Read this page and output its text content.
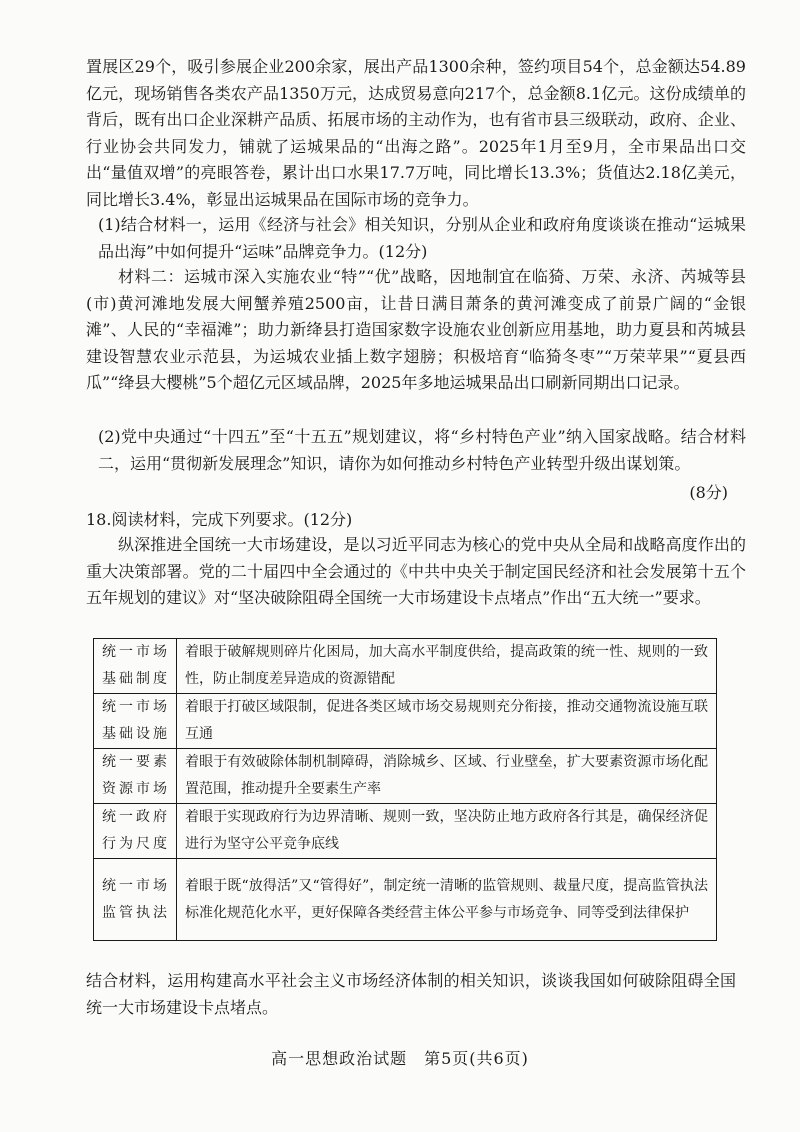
置展区29个，吸引参展企业200余家，展出产品1300余种，签约项目54个，总金额达54.89亿元，现场销售各类农产品1350万元，达成贸易意向217个，总金额8.1亿元。这份成绩单的背后，既有出口企业深耕产品质、拓展市场的主动作为，也有省市县三级联动，政府、企业、行业协会共同发力，铺就了运城果品的“出海之路”。2025年1月至9月，全市果品出口交出“量值双增”的亮眼答卷，累计出口水果17.7万吨，同比增长13.3%；货值达2.18亿美元，同比增长3.4%，彰显出运城果品在国际市场的竞争力。

(1)结合材料一，运用《经济与社会》相关知识，分别从企业和政府角度谈谈在推动“运城果品出海”中如何提升“运味”品牌竞争力。(12分)

材料二：运城市深入实施农业“特”“优”战略，因地制宜在临猗、万荣、永济、芮城等县(市)黄河滩地发展大闸蟹养殖2500亩，让昔日满目萧条的黄河滩变成了前景广阔的“金银滩”、人民的“幸福滩”；助力新绛县打造国家数字设施农业创新应用基地，助力夏县和芮城县建设智慧农业示范县，为运城农业插上数字翅膀；积极培育“临猗冬枣”“万荣苹果”“夏县西瓜”“绛县大樱桃”5个超亿元区域品牌，2025年多地运城果品出口刷新同期出口记录。

(2)党中央通过“十四五”至“十五五”规划建议，将“乡村特色产业”纳入国家战略。结合材料二，运用“贯彻新发展理念”知识，请你为如何推动乡村特色产业转型升级出谋划策。

(8分)

18.阅读材料，完成下列要求。(12分)

纵深推进全国统一大市场建设，是以习近平同志为核心的党中央从全局和战略高度作出的重大决策部署。党的二十届四中全会通过的《中共中央关于制定国民经济和社会发展第十五个五年规划的建议》对“坚决破除阻碍全国统一大市场建设卡点堵点”作出“五大统一”要求。

统一市场
基础制度	着眼于破解规则碎片化困局，加大高水平制度供给，提高政策的统一性、规则的一致性，防止制度差异造成的资源错配

统一市场
基础设施	着眼于打破区域限制，促进各类区域市场交易规则充分衔接，推动交通物流设施互联互通

统一要素
资源市场	着眼于有效破除体制机制障碍，消除城乡、区域、行业壁垒，扩大要素资源市场化配置范围，推动提升全要素生产率

统一政府
行为尺度	着眼于实现政府行为边界清晰、规则一致，坚决防止地方政府各行其是，确保经济促进行为坚守公平竞争底线

统一市场
监管执法	着眼于既“放得活”又“管得好”，制定统一清晰的监管规则、裁量尺度，提高监管执法标准化规范化水平，更好保障各类经营主体公平参与市场竞争、同等受到法律保护

结合材料，运用构建高水平社会主义市场经济体制的相关知识，谈谈我国如何破除阻碍全国统一大市场建设卡点堵点。

高一思想政治试题　第5页(共6页)
